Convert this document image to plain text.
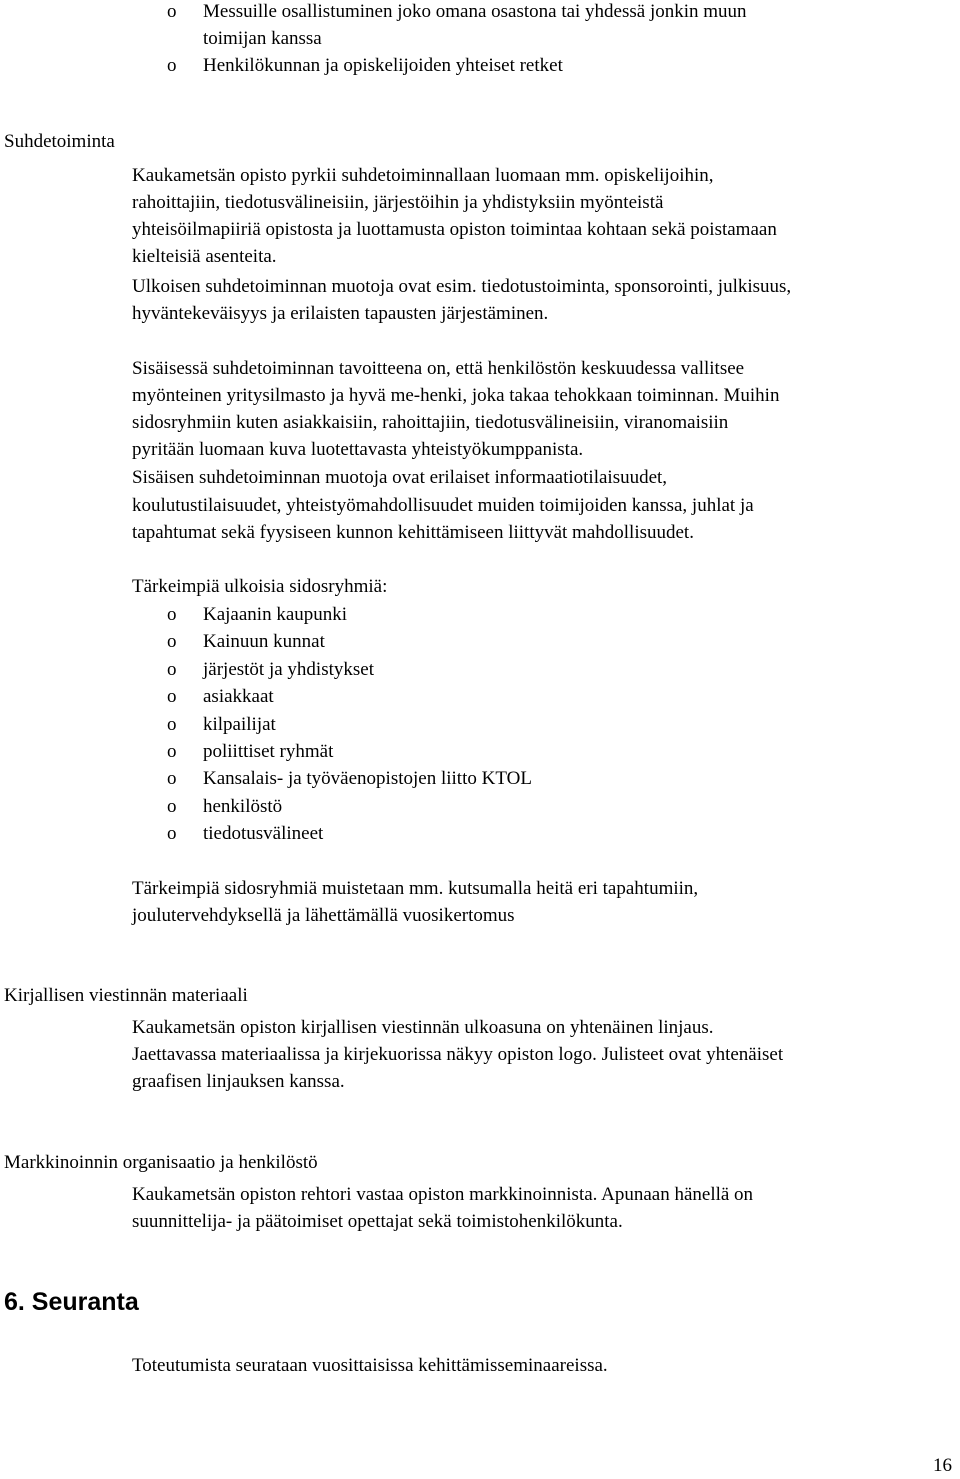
o Messuille osallistuminen joko omana osastona tai yhdessä jonkin muun
toimijan kanssa
o Henkilökunnan ja opiskelijoiden yhteiset retket
Suhdetoiminta
Kaukametsän opisto pyrkii suhdetoiminnallaan luomaan mm. opiskelijoihin,
rahoittajiin, tiedotusvälineisiin, järjestöihin ja yhdistyksiin myönteistä
yhteisöilmapiiriä opistosta ja luottamusta opiston toimintaa kohtaan sekä poistamaan
kielteisiä asenteita.
Ulkoisen suhdetoiminnan muotoja ovat esim. tiedotustoiminta, sponsorointi, julkisuus,
hyväntekeväisyys ja erilaisten tapausten järjestäminen.
Sisäisessä suhdetoiminnan tavoitteena on, että henkilöstön keskuudessa vallitsee
myönteinen yritysilmasto ja hyvä me-henki, joka takaa tehokkaan toiminnan. Muihin
sidosryhmiin kuten asiakkaisiin, rahoittajiin, tiedotusvälineisiin, viranomaisiin
pyritään luomaan kuva luotettavasta yhteistyökumppanista.
Sisäisen suhdetoiminnan muotoja ovat erilaiset informaatiotilaisuudet,
koulutustilaisuudet, yhteistyömahdollisuudet muiden toimijoiden kanssa, juhlat ja
tapahtumat sekä fyysiseen kunnon kehittämiseen liittyvät mahdollisuudet.
Tärkeimpiä ulkoisia sidosryhmiä:
o Kajaanin kaupunki
o Kainuun kunnat
o järjestöt ja yhdistykset
o asiakkaat
o kilpailijat
o poliittiset ryhmät
o Kansalais- ja työväenopistojen liitto KTOL
o henkilöstö
o tiedotusvälineet
Tärkeimpiä sidosryhmiä muistetaan mm. kutsumalla heitä eri tapahtumiin,
joulutervehdyksellä ja lähettämällä vuosikertomus
Kirjallisen viestinnän materiaali
Kaukametsän opiston kirjallisen viestinnän ulkoasuna on yhtenäinen linjaus.
Jaettavassa materiaalissa ja kirjekuorissa näkyy opiston logo. Julisteet ovat yhtenäiset
graafisen linjauksen kanssa.
Markkinoinnin organisaatio ja henkilöstö
Kaukametsän opiston rehtori vastaa opiston markkinoinnista. Apunaan hänellä on
suunnittelija- ja päätoimiset opettajat sekä toimistohenkilökunta.
6. Seuranta
Toteutumista seurataan vuosittaisissa kehittämisseminaareissa.
16
